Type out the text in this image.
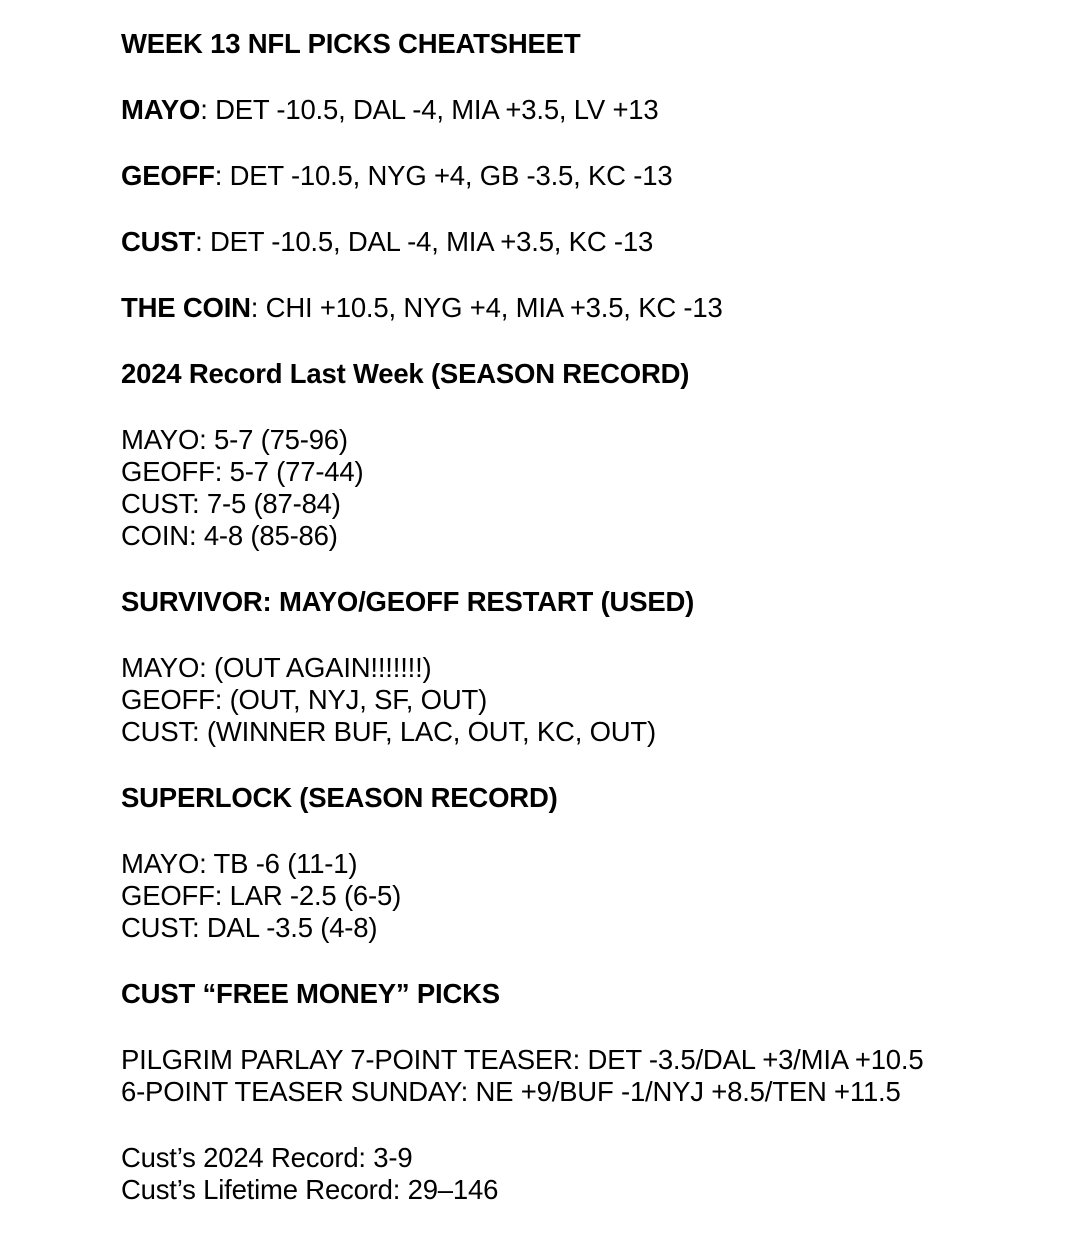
WEEK 13 NFL PICKS CHEATSHEET

MAYO: DET -10.5, DAL -4, MIA +3.5, LV +13

GEOFF: DET -10.5, NYG +4, GB -3.5, KC -13

CUST: DET -10.5, DAL -4, MIA +3.5, KC -13

THE COIN: CHI +10.5, NYG +4, MIA +3.5, KC -13

2024 Record Last Week (SEASON RECORD)

MAYO: 5-7 (75-96)

GEOFF: 5-7 (77-44)

CUST: 7-5 (87-84)

COIN: 4-8 (85-86)

SURVIVOR: MAYO/GEOFF RESTART (USED)

MAYO: (OUT AGAIN!!!!!!!)

GEOFF: (OUT, NYJ, SF, OUT)

CUST: (WINNER BUF, LAC, OUT, KC, OUT)

SUPERLOCK (SEASON RECORD)

MAYO: TB -6 (11-1)

GEOFF: LAR -2.5 (6-5)

CUST: DAL -3.5 (4-8)

CUST “FREE MONEY” PICKS

PILGRIM PARLAY 7-POINT TEASER: DET -3.5/DAL +3/MIA +10.5

6-POINT TEASER SUNDAY: NE +9/BUF -1/NYJ +8.5/TEN +11.5

Cust’s 2024 Record: 3-9

Cust’s Lifetime Record: 29–146
